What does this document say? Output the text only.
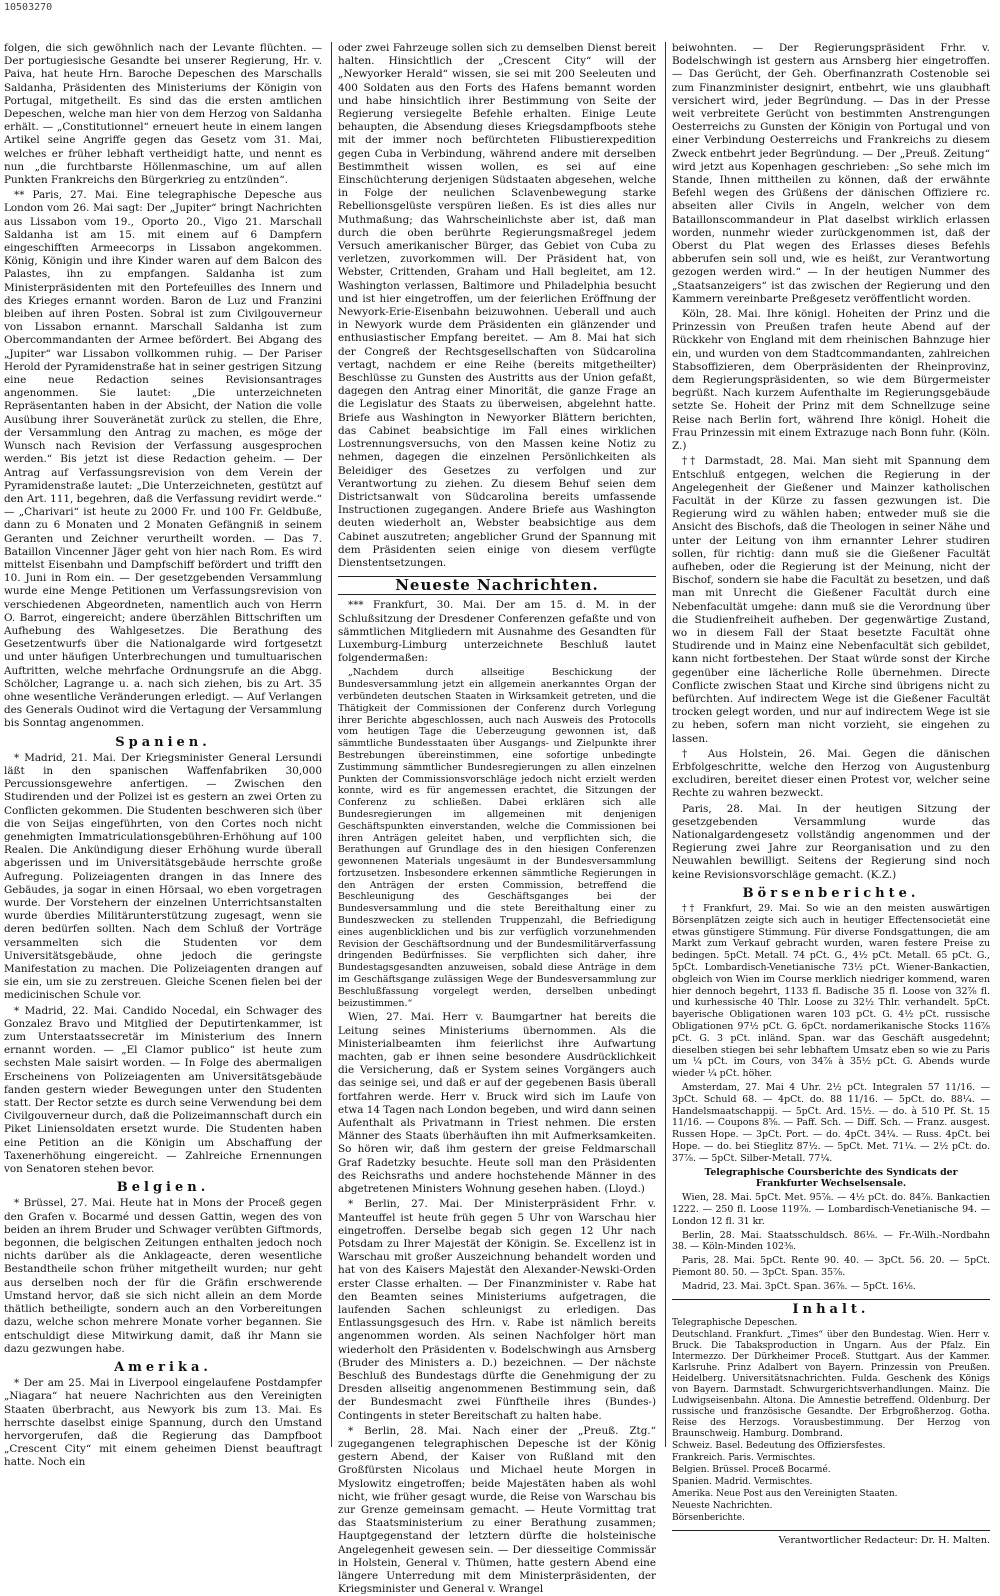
10503270

folgen, die sich gewöhnlich nach der Levante flüchten. — Der portugiesische Gesandte bei unserer Regierung, Hr. v. Paiva, hat heute Hrn. Baroche Depeschen des Marschalls Saldanha, Präsidenten des Ministeriums der Königin von Portugal, mitgetheilt. Es sind das die ersten amtlichen Depeschen, welche man hier von dem Herzog von Saldanha erhält. — „Constitutionnel“ erneuert heute in einem langen Artikel seine Angriffe gegen das Gesetz vom 31. Mai, welches er früher lebhaft vertheidigt hatte, und nennt es nun „die furchtbarste Höllenmaschine, um auf allen Punkten Frankreichs den Bürgerkrieg zu entzünden“.

** Paris, 27. Mai. Eine telegraphische Depesche aus London vom 26. Mai sagt: Der „Jupiter“ bringt Nachrichten aus Lissabon vom 19., Oporto 20., Vigo 21. Marschall Saldanha ist am 15. mit einem auf 6 Dampfern eingeschifften Armeecorps in Lissabon angekommen. König, Königin und ihre Kinder waren auf dem Balcon des Palastes, ihn zu empfangen. Saldanha ist zum Ministerpräsidenten mit den Portefeuilles des Innern und des Krieges ernannt worden. Baron de Luz und Franzini bleiben auf ihren Posten. Sobral ist zum Civilgouverneur von Lissabon ernannt. Marschall Saldanha ist zum Obercommandanten der Armee befördert. Bei Abgang des „Jupiter“ war Lissabon vollkommen ruhig. — Der Pariser Herold der Pyramidenstraße hat in seiner gestrigen Sitzung eine neue Redaction seines Revisionsantrages angenommen. Sie lautet: „Die unterzeichneten Repräsentanten haben in der Absicht, der Nation die volle Ausübung ihrer Souveränetät zurück zu stellen, die Ehre, der Versammlung den Antrag zu machen, es möge der Wunsch nach Revision der Verfassung ausgesprochen werden.“ Bis jetzt ist diese Redaction geheim. — Der Antrag auf Verfassungsrevision von dem Verein der Pyramidenstraße lautet: „Die Unterzeichneten, gestützt auf den Art. 111, begehren, daß die Verfassung revidirt werde.“ — „Charivari“ ist heute zu 2000 Fr. und 100 Fr. Geldbuße, dann zu 6 Monaten und 2 Monaten Gefängniß in seinem Geranten und Zeichner verurtheilt worden. — Das 7. Bataillon Vincenner Jäger geht von hier nach Rom. Es wird mittelst Eisenbahn und Dampfschiff befördert und trifft den 10. Juni in Rom ein. — Der gesetzgebenden Versammlung wurde eine Menge Petitionen um Verfassungsrevision von verschiedenen Abgeordneten, namentlich auch von Herrn O. Barrot, eingereicht; andere überzählen Bittschriften um Aufhebung des Wahlgesetzes. Die Berathung des Gesetzentwurfs über die Nationalgarde wird fortgesetzt und unter häufigen Unterbrechungen und tumultuarischen Auftritten, welche mehrfache Ordnungsrufe an die Abgg. Schölcher, Lagrange u. a. nach sich ziehen, bis zu Art. 35 ohne wesentliche Veränderungen erledigt. — Auf Verlangen des Generals Oudinot wird die Vertagung der Versammlung bis Sonntag angenommen.

Spanien.

* Madrid, 21. Mai. Der Kriegsminister General Lersundi läßt in den spanischen Waffenfabriken 30,000 Percussionsgewehre anfertigen. — Zwischen den Studirenden und der Polizei ist es gestern an zwei Orten zu Conflicten gekommen. Die Studenten beschweren sich über die von Seijas eingeführten, von den Cortes noch nicht genehmigten Immatriculationsgebühren-Erhöhung auf 100 Realen. Die Ankündigung dieser Erhöhung wurde überall abgerissen und im Universitätsgebäude herrschte große Aufregung. Polizeiagenten drangen in das Innere des Gebäudes, ja sogar in einen Hörsaal, wo eben vorgetragen wurde. Der Vorstehern der einzelnen Unterrichtsanstalten wurde überdies Militärunterstützung zugesagt, wenn sie deren bedürfen sollten. Nach dem Schluß der Vorträge versammelten sich die Studenten vor dem Universitätsgebäude, ohne jedoch die geringste Manifestation zu machen. Die Polizeiagenten drangen auf sie ein, um sie zu zerstreuen. Gleiche Scenen fielen bei der medicinischen Schule vor.

* Madrid, 22. Mai. Candido Nocedal, ein Schwager des Gonzalez Bravo und Mitglied der Deputirtenkammer, ist zum Unterstaatssecretär im Ministerium des Innern ernannt worden. — „El Clamor publico“ ist heute zum sechsten Male saisirt worden. — In Folge des abermaligen Erscheinens von Polizeiagenten am Universitätsgebäude fanden gestern wieder Bewegungen unter den Studenten statt. Der Rector setzte es durch seine Verwendung bei dem Civilgouverneur durch, daß die Polizeimannschaft durch ein Piket Liniensoldaten ersetzt wurde. Die Studenten haben eine Petition an die Königin um Abschaffung der Taxenerhöhung eingereicht. — Zahlreiche Ernennungen von Senatoren stehen bevor.

Belgien.

* Brüssel, 27. Mai. Heute hat in Mons der Proceß gegen den Grafen v. Bocarmé und dessen Gattin, wegen des von beiden an ihrem Bruder und Schwager verübten Giftmords, begonnen, die belgischen Zeitungen enthalten jedoch noch nichts darüber als die Anklageacte, deren wesentliche Bestandtheile schon früher mitgetheilt wurden; nur geht aus derselben noch der für die Gräfin erschwerende Umstand hervor, daß sie sich nicht allein an dem Morde thätlich betheiligte, sondern auch an den Vorbereitungen dazu, welche schon mehrere Monate vorher begannen. Sie entschuldigt diese Mitwirkung damit, daß ihr Mann sie dazu gezwungen habe.

Amerika.

* Der am 25. Mai in Liverpool eingelaufene Postdampfer „Niagara“ hat neuere Nachrichten aus den Vereinigten Staaten überbracht, aus Newyork bis zum 13. Mai. Es herrschte daselbst einige Spannung, durch den Umstand hervorgerufen, daß die Regierung das Dampfboot „Crescent City“ mit einem geheimen Dienst beauftragt hatte. Noch ein

oder zwei Fahrzeuge sollen sich zu demselben Dienst bereit halten. Hinsichtlich der „Crescent City“ will der „Newyorker Herald“ wissen, sie sei mit 200 Seeleuten und 400 Soldaten aus den Forts des Hafens bemannt worden und habe hinsichtlich ihrer Bestimmung von Seite der Regierung versiegelte Befehle erhalten. Einige Leute behaupten, die Absendung dieses Kriegsdampfboots stehe mit der immer noch befürchteten Flibustierexpedition gegen Cuba in Verbindung, während andere mit derselben Bestimmtheit wissen wollen, es sei auf eine Einschüchterung derjenigen Südstaaten abgesehen, welche in Folge der neulichen Sclavenbewegung starke Rebellionsgelüste verspüren ließen. Es ist dies alles nur Muthmaßung; das Wahrscheinlichste aber ist, daß man durch die oben berührte Regierungsmaßregel jedem Versuch amerikanischer Bürger, das Gebiet von Cuba zu verletzen, zuvorkommen will. Der Präsident hat, von Webster, Crittenden, Graham und Hall begleitet, am 12. Washington verlassen, Baltimore und Philadelphia besucht und ist hier eingetroffen, um der feierlichen Eröffnung der Newyork-Erie-Eisenbahn beizuwohnen. Ueberall und auch in Newyork wurde dem Präsidenten ein glänzender und enthusiastischer Empfang bereitet. — Am 8. Mai hat sich der Congreß der Rechtsgesellschaften von Südcarolina vertagt, nachdem er eine Reihe (bereits mitgetheilter) Beschlüsse zu Gunsten des Austritts aus der Union gefaßt, dagegen den Antrag einer Minorität, die ganze Frage an die Legislatur des Staats zu überweisen, abgelehnt hatte. Briefe aus Washington in Newyorker Blättern berichten, das Cabinet beabsichtige im Fall eines wirklichen Lostrennungsversuchs, von den Massen keine Notiz zu nehmen, dagegen die einzelnen Persönlichkeiten als Beleidiger des Gesetzes zu verfolgen und zur Verantwortung zu ziehen. Zu diesem Behuf seien dem Districtsanwalt von Südcarolina bereits umfassende Instructionen zugegangen. Andere Briefe aus Washington deuten wiederholt an, Webster beabsichtige aus dem Cabinet auszutreten; angeblicher Grund der Spannung mit dem Präsidenten seien einige von diesem verfügte Dienstentsetzungen.

Neueste Nachrichten.

*** Frankfurt, 30. Mai. Der am 15. d. M. in der Schlußsitzung der Dresdener Conferenzen gefaßte und von sämmtlichen Mitgliedern mit Ausnahme des Gesandten für Luxemburg-Limburg unterzeichnete Beschluß lautet folgendermaßen:

„Nachdem durch allseitige Beschickung der Bundesversammlung jetzt ein allgemein anerkanntes Organ der verbündeten deutschen Staaten in Wirksamkeit getreten, und die Thätigkeit der Commissionen der Conferenz durch Vorlegung ihrer Berichte abgeschlossen, auch nach Ausweis des Protocolls vom heutigen Tage die Ueberzeugung gewonnen ist, daß sämmtliche Bundesstaaten über Ausgangs- und Zielpunkte ihrer Bestrebungen übereinstimmen, eine sofortige unbedingte Zustimmung sämmtlicher Bundesregierungen zu allen einzelnen Punkten der Commissionsvorschläge jedoch nicht erzielt werden konnte, wird es für angemessen erachtet, die Sitzungen der Conferenz zu schließen. Dabei erklären sich alle Bundesregierungen im allgemeinen mit denjenigen Geschäftspunkten einverstanden, welche die Commissionen bei ihren Anträgen geleitet haben, und verpflichten sich, die Berathungen auf Grundlage des in den hiesigen Conferenzen gewonnenen Materials ungesäumt in der Bundesversammlung fortzusetzen. Insbesondere erkennen sämmtliche Regierungen in den Anträgen der ersten Commission, betreffend die Beschleunigung des Geschäftsganges bei der Bundesversammlung und die stete Bereithaltung einer zu Bundeszwecken zu stellenden Truppenzahl, die Befriedigung eines augenblicklichen und bis zur verfüglich vorzunehmenden Revision der Geschäftsordnung und der Bundesmilitärverfassung dringenden Bedürfnisses. Sie verpflichten sich daher, ihre Bundestagsgesandten anzuweisen, sobald diese Anträge in dem im Geschäftsgange zulässigen Wege der Bundesversammlung zur Beschlußfassung vorgelegt werden, derselben unbedingt beizustimmen.“

Wien, 27. Mai. Herr v. Baumgartner hat bereits die Leitung seines Ministeriums übernommen. Als die Ministerialbeamten ihm feierlichst ihre Aufwartung machten, gab er ihnen seine besondere Ausdrücklichkeit die Versicherung, daß er System seines Vorgängers auch das seinige sei, und daß er auf der gegebenen Basis überall fortfahren werde. Herr v. Bruck wird sich im Laufe von etwa 14 Tagen nach London begeben, und wird dann seinen Aufenthalt als Privatmann in Triest nehmen. Die ersten Männer des Staats überhäuften ihn mit Aufmerksamkeiten. So hören wir, daß ihm gestern der greise Feldmarschall Graf Radetzky besuchte. Heute soll man den Präsidenten des Reichsraths und andere hochstehende Männer in des abgetretenen Ministers Wohnung gesehen haben. (Lloyd.)

* Berlin, 27. Mai. Der Ministerpräsident Frhr. v. Manteuffel ist heute früh gegen 5 Uhr von Warschau hier eingetroffen. Derselbe begab sich gegen 12 Uhr nach Potsdam zu Ihrer Majestät der Königin. Se. Excellenz ist in Warschau mit großer Auszeichnung behandelt worden und hat von des Kaisers Majestät den Alexander-Newski-Orden erster Classe erhalten. — Der Finanzminister v. Rabe hat den Beamten seines Ministeriums aufgetragen, die laufenden Sachen schleunigst zu erledigen. Das Entlassungsgesuch des Hrn. v. Rabe ist nämlich bereits angenommen worden. Als seinen Nachfolger hört man wiederholt den Präsidenten v. Bodelschwingh aus Arnsberg (Bruder des Ministers a. D.) bezeichnen. — Der nächste Beschluß des Bundestags dürfte die Genehmigung der zu Dresden allseitig angenommenen Bestimmung sein, daß der Bundesmacht zwei Fünftheile ihres (Bundes-) Contingents in steter Bereitschaft zu halten habe.

* Berlin, 28. Mai. Nach einer der „Preuß. Ztg.“ zugegangenen telegraphischen Depesche ist der König gestern Abend, der Kaiser von Rußland mit den Großfürsten Nicolaus und Michael heute Morgen in Myslowitz eingetroffen; beide Majestäten haben als wohl nicht, wie früher gesagt wurde, die Reise von Warschau bis zur Grenze gemeinsam gemacht. — Heute Vormittag trat das Staatsministerium zu einer Berathung zusammen; Hauptgegenstand der letztern dürfte die holsteinische Angelegenheit gewesen sein. — Der diesseitige Commissär in Holstein, General v. Thümen, hatte gestern Abend eine längere Unterredung mit dem Ministerpräsidenten, der Kriegsminister und General v. Wrangel

beiwohnten. — Der Regierungspräsident Frhr. v. Bodelschwingh ist gestern aus Arnsberg hier eingetroffen. — Das Gerücht, der Geh. Oberfinanzrath Costenoble sei zum Finanzminister designirt, entbehrt, wie uns glaubhaft versichert wird, jeder Begründung. — Das in der Presse weit verbreitete Gerücht von bestimmten Anstrengungen Oesterreichs zu Gunsten der Königin von Portugal und von einer Verbindung Oesterreichs und Frankreichs zu diesem Zweck entbehrt jeder Begründung. — Der „Preuß. Zeitung“ wird jetzt aus Kopenhagen geschrieben: „So sehe mich im Stande, Ihnen mittheilen zu können, daß der erwähnte Befehl wegen des Grüßens der dänischen Offiziere rc. abseiten aller Civils in Angeln, welcher von dem Bataillonscommandeur in Plat daselbst wirklich erlassen worden, nunmehr wieder zurückgenommen ist, daß der Oberst du Plat wegen des Erlasses dieses Befehls abberufen sein soll und, wie es heißt, zur Verantwortung gezogen werden wird.“ — In der heutigen Nummer des „Staatsanzeigers“ ist das zwischen der Regierung und den Kammern vereinbarte Preßgesetz veröffentlicht worden.

Köln, 28. Mai. Ihre königl. Hoheiten der Prinz und die Prinzessin von Preußen trafen heute Abend auf der Rückkehr von England mit dem rheinischen Bahnzuge hier ein, und wurden von dem Stadtcommandanten, zahlreichen Stabsoffizieren, dem Oberpräsidenten der Rheinprovinz, dem Regierungspräsidenten, so wie dem Bürgermeister begrüßt. Nach kurzem Aufenthalte im Regierungsgebäude setzte Se. Hoheit der Prinz mit dem Schnellzuge seine Reise nach Berlin fort, während Ihre königl. Hoheit die Frau Prinzessin mit einem Extrazuge nach Bonn fuhr. (Köln. Z.)

†† Darmstadt, 28. Mai. Man sieht mit Spannung dem Entschluß entgegen, welchen die Regierung in der Angelegenheit der Gießener und Mainzer katholischen Facultät in der Kürze zu fassen gezwungen ist. Die Regierung wird zu wählen haben; entweder muß sie die Ansicht des Bischofs, daß die Theologen in seiner Nähe und unter der Leitung von ihm ernannter Lehrer studiren sollen, für richtig: dann muß sie die Gießener Facultät aufheben, oder die Regierung ist der Meinung, nicht der Bischof, sondern sie habe die Facultät zu besetzen, und daß man mit Unrecht die Gießener Facultät durch eine Nebenfacultät umgehe: dann muß sie die Verordnung über die Studienfreiheit aufheben. Der gegenwärtige Zustand, wo in diesem Fall der Staat besetzte Facultät ohne Studirende und in Mainz eine Nebenfacultät sich gebildet, kann nicht fortbestehen. Der Staat würde sonst der Kirche gegenüber eine lächerliche Rolle übernehmen. Directe Conflicte zwischen Staat und Kirche sind übrigens nicht zu befürchten. Auf indirectem Wege ist die Gießener Facultät trocken gelegt worden, und nur auf indirectem Wege ist sie zu heben, sofern man nicht vorzieht, sie eingehen zu lassen.

† Aus Holstein, 26. Mai. Gegen die dänischen Erbfolgeschritte, welche den Herzog von Augustenburg excludiren, bereitet dieser einen Protest vor, welcher seine Rechte zu wahren bezweckt.

Paris, 28. Mai. In der heutigen Sitzung der gesetzgebenden Versammlung wurde das Nationalgardengesetz vollständig angenommen und der Regierung zwei Jahre zur Reorganisation und zu den Neuwahlen bewilligt. Seitens der Regierung sind noch keine Revisionsvorschläge gemacht. (K.Z.)

Börsenberichte.

†† Frankfurt, 29. Mai. So wie an den meisten auswärtigen Börsenplätzen zeigte sich auch in heutiger Effectensocietät eine etwas günstigere Stimmung. Für diverse Fondsgattungen, die am Markt zum Verkauf gebracht wurden, waren festere Preise zu bedingen. 5pCt. Metall. 74 pCt. G., 4½ pCt. Metall. 65 pCt. G., 5pCt. Lombardisch-Venetianische 73½ pCt. Wiener-Bankactien, obgleich von Wien im Course merklich niedriger kommend, waren hier dennoch begehrt, 1133 fl. Badische 35 fl. Loose von 32⅞ fl. und kurhessische 40 Thlr. Loose zu 32½ Thlr. verhandelt. 5pCt. bayerische Obligationen waren 103 pCt. G. 4½ pCt. russische Obligationen 97½ pCt. G. 6pCt. nordamerikanische Stocks 116⅞ pCt. G. 3 pCt. inländ. Span. war das Geschäft ausgedehnt; dieselben stiegen bei sehr lebhaftem Umsatz eben so wie zu Paris um ¼ pCt. im Cours, von 34⅞ à 35½ pCt. G. Abends wurde wieder ¼ pCt. höher.

Amsterdam, 27. Mai 4 Uhr. 2½ pCt. Integralen 57 11/16. — 3pCt. Schuld 68. — 4pCt. do. 88 11/16. — 5pCt. do. 88¼. — Handelsmaatschappij. — 5pCt. Ard. 15½. — do. à 510 Pf. St. 15 11/16. — Coupons 8⅝. — Paff. Sch. — Diff. Sch. — Franz. ausgest. Russen Hope. — 3pCt. Port. — do. 4pCt. 34¼. — Russ. 4pCt. bei Hope. — do. bei Stieglitz 87½. — 5pCt. Met. 71¼. — 2½ pCt. do. 37⅞. — 5pCt. Silber-Metall. 77¼.

Telegraphische Coursberichte des Syndicats der Frankfurter Wechselsensale.

Wien, 28. Mai. 5pCt. Met. 95⅞. — 4½ pCt. do. 84⅞. Bankactien 1222. — 250 fl. Loose 119⅞. — Lombardisch-Venetianische 94. — London 12 fl. 31 kr.

Berlin, 28. Mai. Staatsschuldsch. 86⅛. — Fr.-Wilh.-Nordbahn 38. — Köln-Minden 102⅜.

Paris, 28. Mai. 5pCt. Rente 90. 40. — 3pCt. 56. 20. — 5pCt. Piemont 80. 50. — 3pCt. Span. 35⅞.

Madrid, 23. Mai. 3pCt. Span. 36⅞. — 5pCt. 16⅛.

Inhalt.

Telegraphische Depeschen.

Deutschland. Frankfurt. „Times“ über den Bundestag. Wien. Herr v. Bruck. Die Tabaksproduction in Ungarn. Aus der Pfalz. Ein Intermezzo. Der Dürkheimer Proceß. Stuttgart. Aus der Kammer. Karlsruhe. Prinz Adalbert von Bayern. Prinzessin von Preußen. Heidelberg. Universitätsnachrichten. Fulda. Geschenk des Königs von Bayern. Darmstadt. Schwurgerichtsverhandlungen. Mainz. Die Ludwigseisenbahn. Altona. Die Amnestie betreffend. Oldenburg. Der russische und französische Gesandte. Der Erbgroßherzog. Gotha. Reise des Herzogs. Vorausbestimmung. Der Herzog von Braunschweig. Hamburg. Dombrand.

Schweiz. Basel. Bedeutung des Offiziersfestes.

Frankreich. Paris. Vermischtes.

Belgien. Brüssel. Proceß Bocarmé.

Spanien. Madrid. Vermischtes.

Amerika. Neue Post aus den Vereinigten Staaten.

Neueste Nachrichten.

Börsenberichte.

Verantwortlicher Redacteur: Dr. H. Malten.
